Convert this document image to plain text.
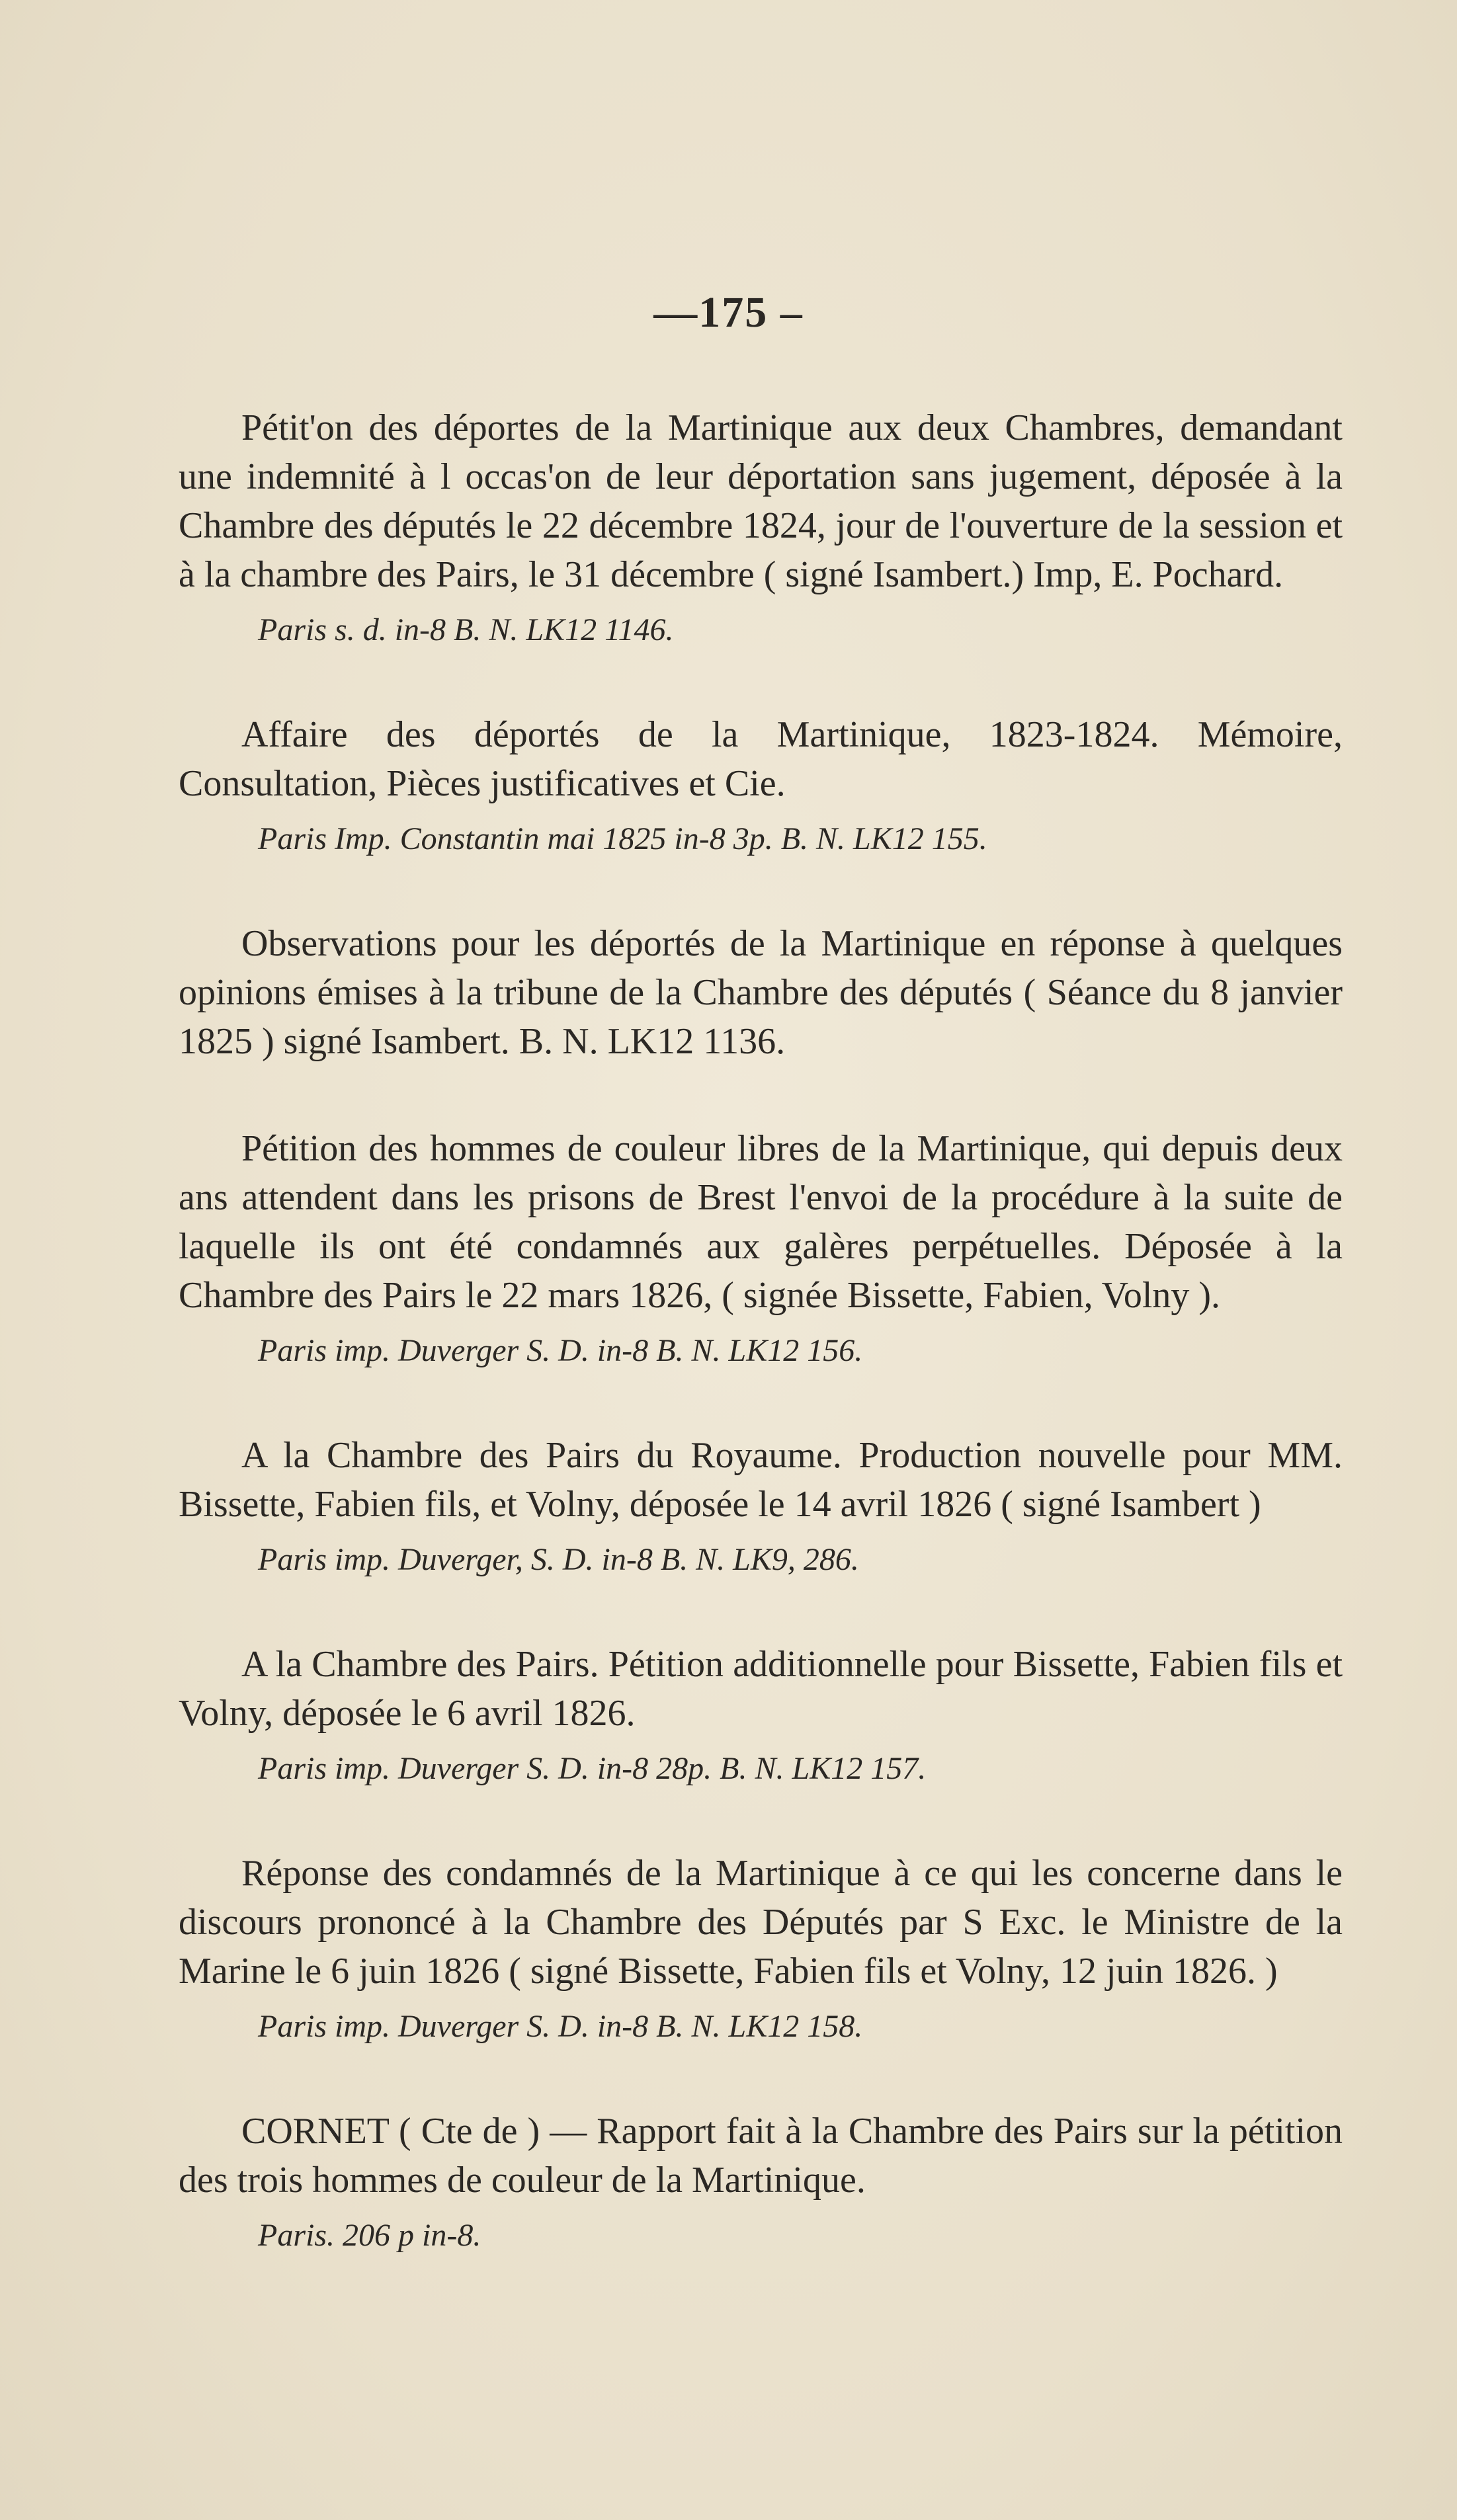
—175 –

Pétit'on des déportes de la Martinique aux deux Chambres, demandant une indemnité à l occas'on de leur déportation sans jugement, déposée à la Chambre des députés le 22 décembre 1824, jour de l'ouverture de la session et à la chambre des Pairs, le 31 décembre ( signé Isambert.) Imp, E. Pochard.

Paris s. d. in-8 B. N. LK12 1146.

Affaire des déportés de la Martinique, 1823-1824. Mémoire, Consultation, Pièces justificatives et Cie.

Paris Imp. Constantin mai 1825 in-8 3p. B. N. LK12 155.

Observations pour les déportés de la Martinique en réponse à quelques opinions émises à la tribune de la Chambre des députés ( Séance du 8 janvier 1825 ) signé Isambert. B. N. LK12 1136.

Pétition des hommes de couleur libres de la Martinique, qui depuis deux ans attendent dans les prisons de Brest l'envoi de la procédure à la suite de laquelle ils ont été condamnés aux galères perpétuelles. Déposée à la Chambre des Pairs le 22 mars 1826, ( signée Bissette, Fabien, Volny ).

Paris imp. Duverger S. D. in-8 B. N. LK12 156.

A la Chambre des Pairs du Royaume. Production nouvelle pour MM. Bissette, Fabien fils, et Volny, déposée le 14 avril 1826 ( signé Isambert )

Paris imp. Duverger, S. D. in-8 B. N. LK9, 286.

A la Chambre des Pairs. Pétition additionnelle pour Bissette, Fabien fils et Volny, déposée le 6 avril 1826.

Paris imp. Duverger S. D. in-8 28p. B. N. LK12 157.

Réponse des condamnés de la Martinique à ce qui les concerne dans le discours prononcé à la Chambre des Députés par S Exc. le Ministre de la Marine le 6 juin 1826 ( signé Bissette, Fabien fils et Volny, 12 juin 1826. )

Paris imp. Duverger S. D. in-8 B. N. LK12 158.

CORNET ( Cte de ) — Rapport fait à la Chambre des Pairs sur la pétition des trois hommes de couleur de la Martinique.

Paris. 206 p in-8.
